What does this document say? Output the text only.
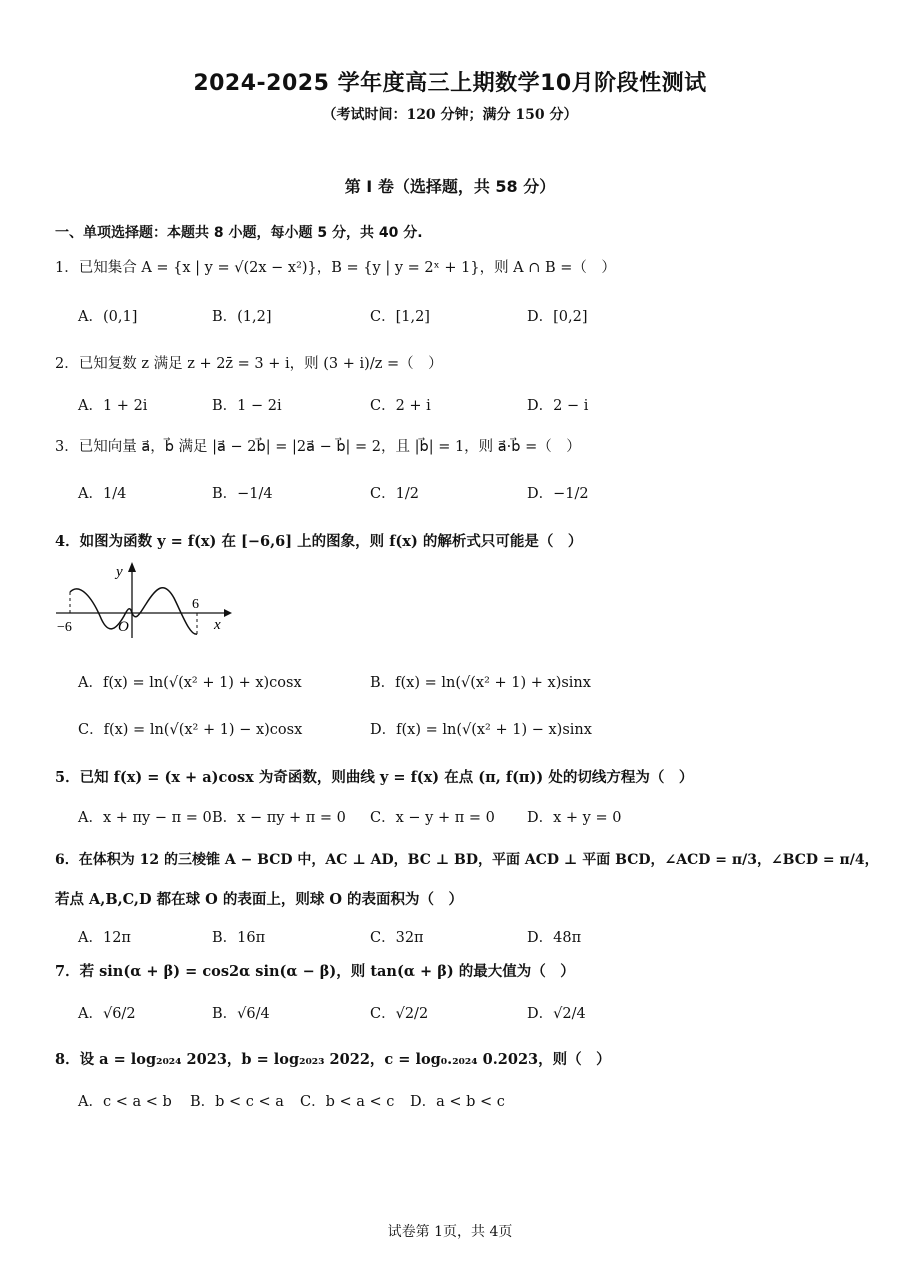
2024-2025 学年度高三上期数学10月阶段性测试
（考试时间：120 分钟；满分 150 分）
第 I 卷（选择题，共 58 分）
一、单项选择题：本题共 8 小题，每小题 5 分，共 40 分.
1．已知集合 A = {x | y = √(2x − x²)}，B = {y | y = 2ˣ + 1}，则 A ∩ B =（　）
A．(0,1]	B．(1,2]	C．[1,2]	D．[0,2]
2．已知复数 z 满足 z + 2z̄ = 3 + i，则 (3 + i)/z =（　）
A．1 + 2i	B．1 − 2i	C．2 + i	D．2 − i
3．已知向量 a⃗，b⃗ 满足 |a⃗ − 2b⃗| = |2a⃗ − b⃗| = 2，且 |b⃗| = 1，则 a⃗·b⃗ =（　）
A．1/4	B．−1/4	C．1/2	D．−1/2
4．如图为函数 y = f(x) 在 [−6,6] 上的图象，则 f(x) 的解析式只可能是（　）
y
x
O
−6
6
A．f(x) = ln(√(x² + 1) + x)cosx	B．f(x) = ln(√(x² + 1) + x)sinx
C．f(x) = ln(√(x² + 1) − x)cosx	D．f(x) = ln(√(x² + 1) − x)sinx
5．已知 f(x) = (x + a)cosx 为奇函数，则曲线 y = f(x) 在点 (π, f(π)) 处的切线方程为（　）
A．x + πy − π = 0 B．x − πy + π = 0 C．x − y + π = 0 D．x + y = 0
6．在体积为 12 的三棱锥 A − BCD 中，AC ⊥ AD，BC ⊥ BD，平面 ACD ⊥ 平面 BCD，∠ACD = π/3，∠BCD = π/4，
若点 A,B,C,D 都在球 O 的表面上，则球 O 的表面积为（　）
A．12π	B．16π	C．32π	D．48π
7．若 sin(α + β) = cos2α sin(α − β)，则 tan(α + β) 的最大值为（　）
A．√6/2	B．√6/4	C．√2/2	D．√2/4
8．设 a = log₂₀₂₄ 2023，b = log₂₀₂₃ 2022，c = log₀.₂₀₂₄ 0.2023，则（　）
A．c < a < b B．b < c < a C．b < a < c D．a < b < c
试卷第 1页，共 4页
